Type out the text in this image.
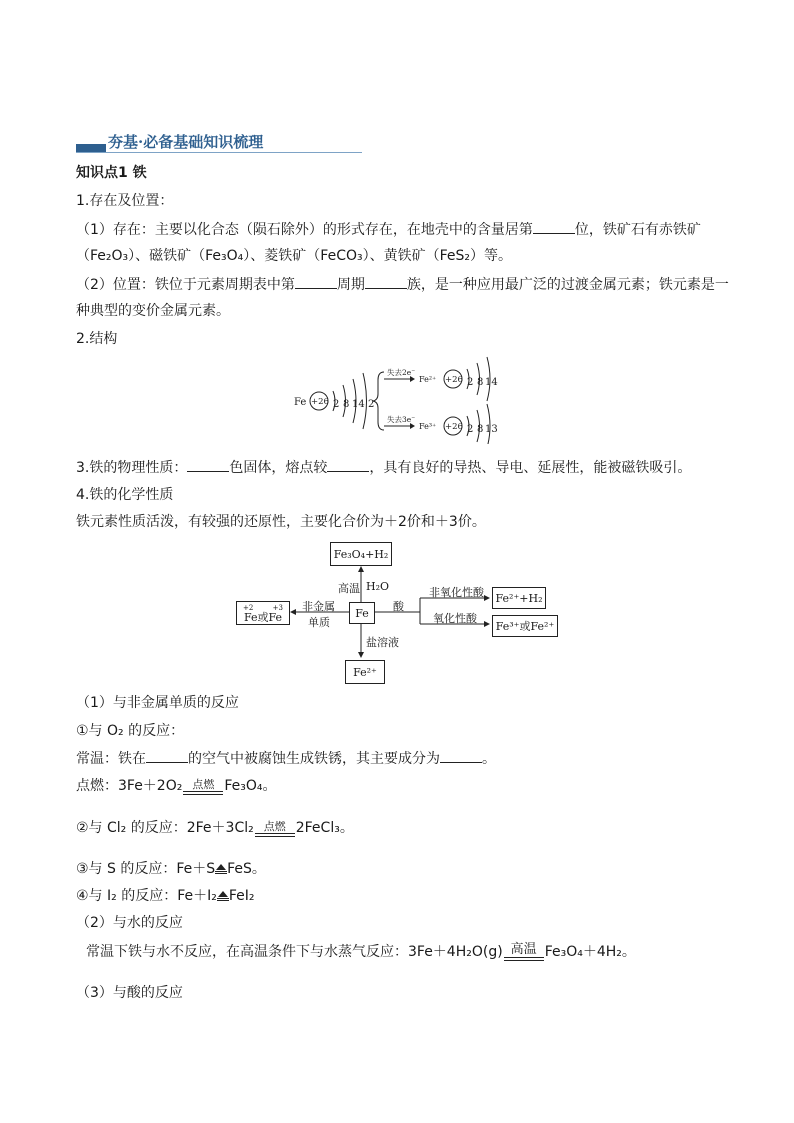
夯基·必备基础知识梳理
知识点1 铁
1.存在及位置：
（1）存在：主要以化合态（陨石除外）的形式存在，在地壳中的含量居第	位，铁矿石有赤铁矿
（Fe₂O₃）、磁铁矿（Fe₃O₄）、菱铁矿（FeCO₃）、黄铁矿（FeS₂）等。
（2）位置：铁位于元素周期表中第	周期	族，是一种应用最广泛的过渡金属元素；铁元素是一
种典型的变价金属元素。
2.结构
Fe +26 2 8 14 2
失去2e⁻
Fe²⁺ +26 2 8 14
失去3e⁻
Fe³⁺ +26 2 8 13
3.铁的物理性质：	色固体，熔点较	，具有良好的导热、导电、延展性，能被磁铁吸引。
4.铁的化学性质
铁元素性质活泼，有较强的还原性，主要化合价为＋2价和＋3价。
Fe₃O₄+H₂
Fe
+2	+3
Fe或Fe
Fe²⁺+H₂
Fe³⁺或Fe²⁺
Fe²⁺
高温 H₂O
非金属
单质
酸
非氧化性酸
氧化性酸
盐溶液
（1）与非金属单质的反应
①与 O₂ 的反应：
常温：铁在	的空气中被腐蚀生成铁锈，其主要成分为	。
点燃：3Fe＋2O₂ 点燃 Fe₃O₄。
②与 Cl₂ 的反应：2Fe＋3Cl₂ 点燃 2FeCl₃。
③与 S 的反应：Fe＋S FeS。
④与 I₂ 的反应：Fe＋I₂ FeI₂
（2）与水的反应
常温下铁与水不反应，在高温条件下与水蒸气反应：3Fe＋4H₂O(g) 高温 Fe₃O₄＋4H₂。
（3）与酸的反应
